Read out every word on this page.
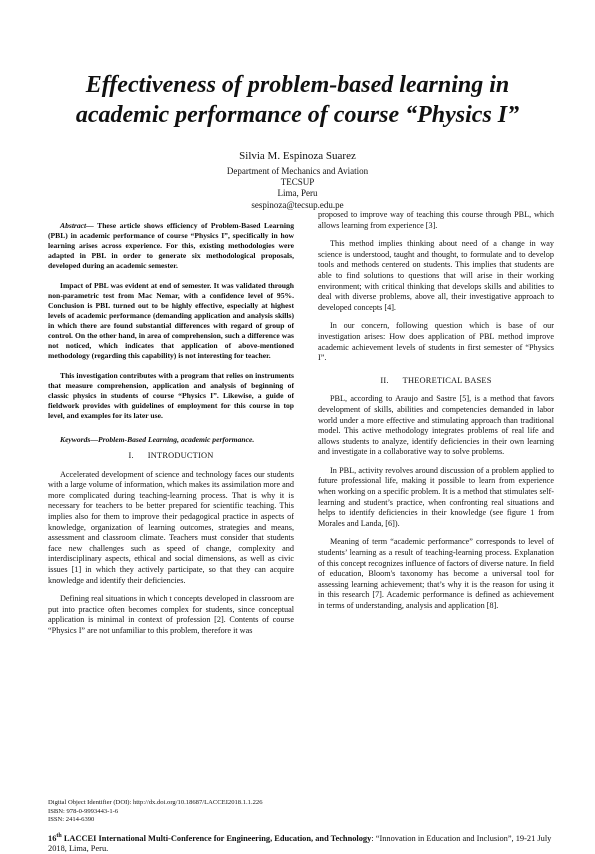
Effectiveness of problem-based learning in
academic performance of course “Physics I”
Silvia M. Espinoza Suarez
Department of Mechanics and Aviation
TECSUP
Lima, Peru
sespinoza@tecsup.edu.pe

Abstract— These article shows efficiency of Problem-Based Learning (PBL) in academic performance of course “Physics I”, specifically in how learning arises across experience. For this, existing methodologies were adapted in PBL in order to generate six methodological proposals, developed during an academic semester.

Impact of PBL was evident at end of semester. It was validated through non-parametric test from Mac Nemar, with a confidence level of 95%. Conclusion is PBL turned out to be highly effective, especially at highest levels of academic performance (demanding application and analysis skills) in which there are found substantial differences with regard of group of control. On the other hand, in area of comprehension, such a difference was not noticed, which indicates that application of above-mentioned methodology (regarding this capability) is not interesting for teacher.

This investigation contributes with a program that relies on instruments that measure comprehension, application and analysis of beginning of classic physics in students of course “Physics I”. Likewise, a guide of fieldwork provides with guidelines of employment for this course in top level, and examples for its later use.

Keywords—Problem-Based Learning, academic performance.
I. INTRODUCTION

Accelerated development of science and technology faces our students with a large volume of information, which makes its assimilation more and more complicated during teaching-learning process. That is why it is necessary for teachers to be better prepared for scientific teaching. This implies also for them to improve their pedagogical practice in aspects of knowledge, organization of learning outcomes, strategies and means, assessment and classroom climate. Teachers must consider that students face new challenges such as speed of change, complexity and interdisciplinary aspects, ethical and social dimensions, as well as civic issues [1] in which they actively participate, so that they can acquire knowledge and identify their deficiencies.

Defining real situations in which t concepts developed in classroom are put into practice often becomes complex for students, since conceptual application is minimal in context of profession [2]. Contents of course “Physics I” are not unfamiliar to this problem, therefore it was

proposed to improve way of teaching this course through PBL, which allows learning from experience [3].

This method implies thinking about need of a change in way science is understood, taught and thought, to formulate and to develop tools and methods centered on students. This implies that students are able to find solutions to questions that will arise in their working environment; with critical thinking that develops skills and abilities to deal with diverse problems, above all, their investigative approach to developed concepts [4].

In our concern, following question which is base of our investigation arises: How does application of PBL method improve academic achievement levels of students in first semester of “Physics I”.

II. THEORETICAL BASES

PBL, according to Araujo and Sastre [5], is a method that favors development of skills, abilities and competencies demanded in labor world under a more effective and stimulating approach than traditional model. This active methodology integrates problems of real life and allows students to analyze, identify deficiencies in their own learning and investigate in a collaborative way to solve problems.

In PBL, activity revolves around discussion of a problem applied to future professional life, making it possible to learn from experience when working on a specific problem. It is a method that stimulates self-learning and student’s practice, when confronting real situations and helps to identify deficiencies in their knowledge (see figure 1 from Morales and Landa, [6]).

Meaning of term “academic performance” corresponds to level of students’ learning as a result of teaching-learning process. Explanation of this concept recognizes influence of factors of diverse nature. In field of education, Bloom's taxonomy has become a universal tool for assessing learning achievement; that’s why it is the reason for using it in this research [7]. Academic performance is defined as achievement in terms of understanding, analysis and application [8].

Digital Object Identifier (DOI): http://dx.doi.org/10.18687/LACCEI2018.1.1.226
ISBN: 978-0-9993443-1-6
ISSN: 2414-6390
16th LACCEI International Multi-Conference for Engineering, Education, and Technology: “Innovation in Education and Inclusion”, 19-21 July 2018, Lima, Peru.
